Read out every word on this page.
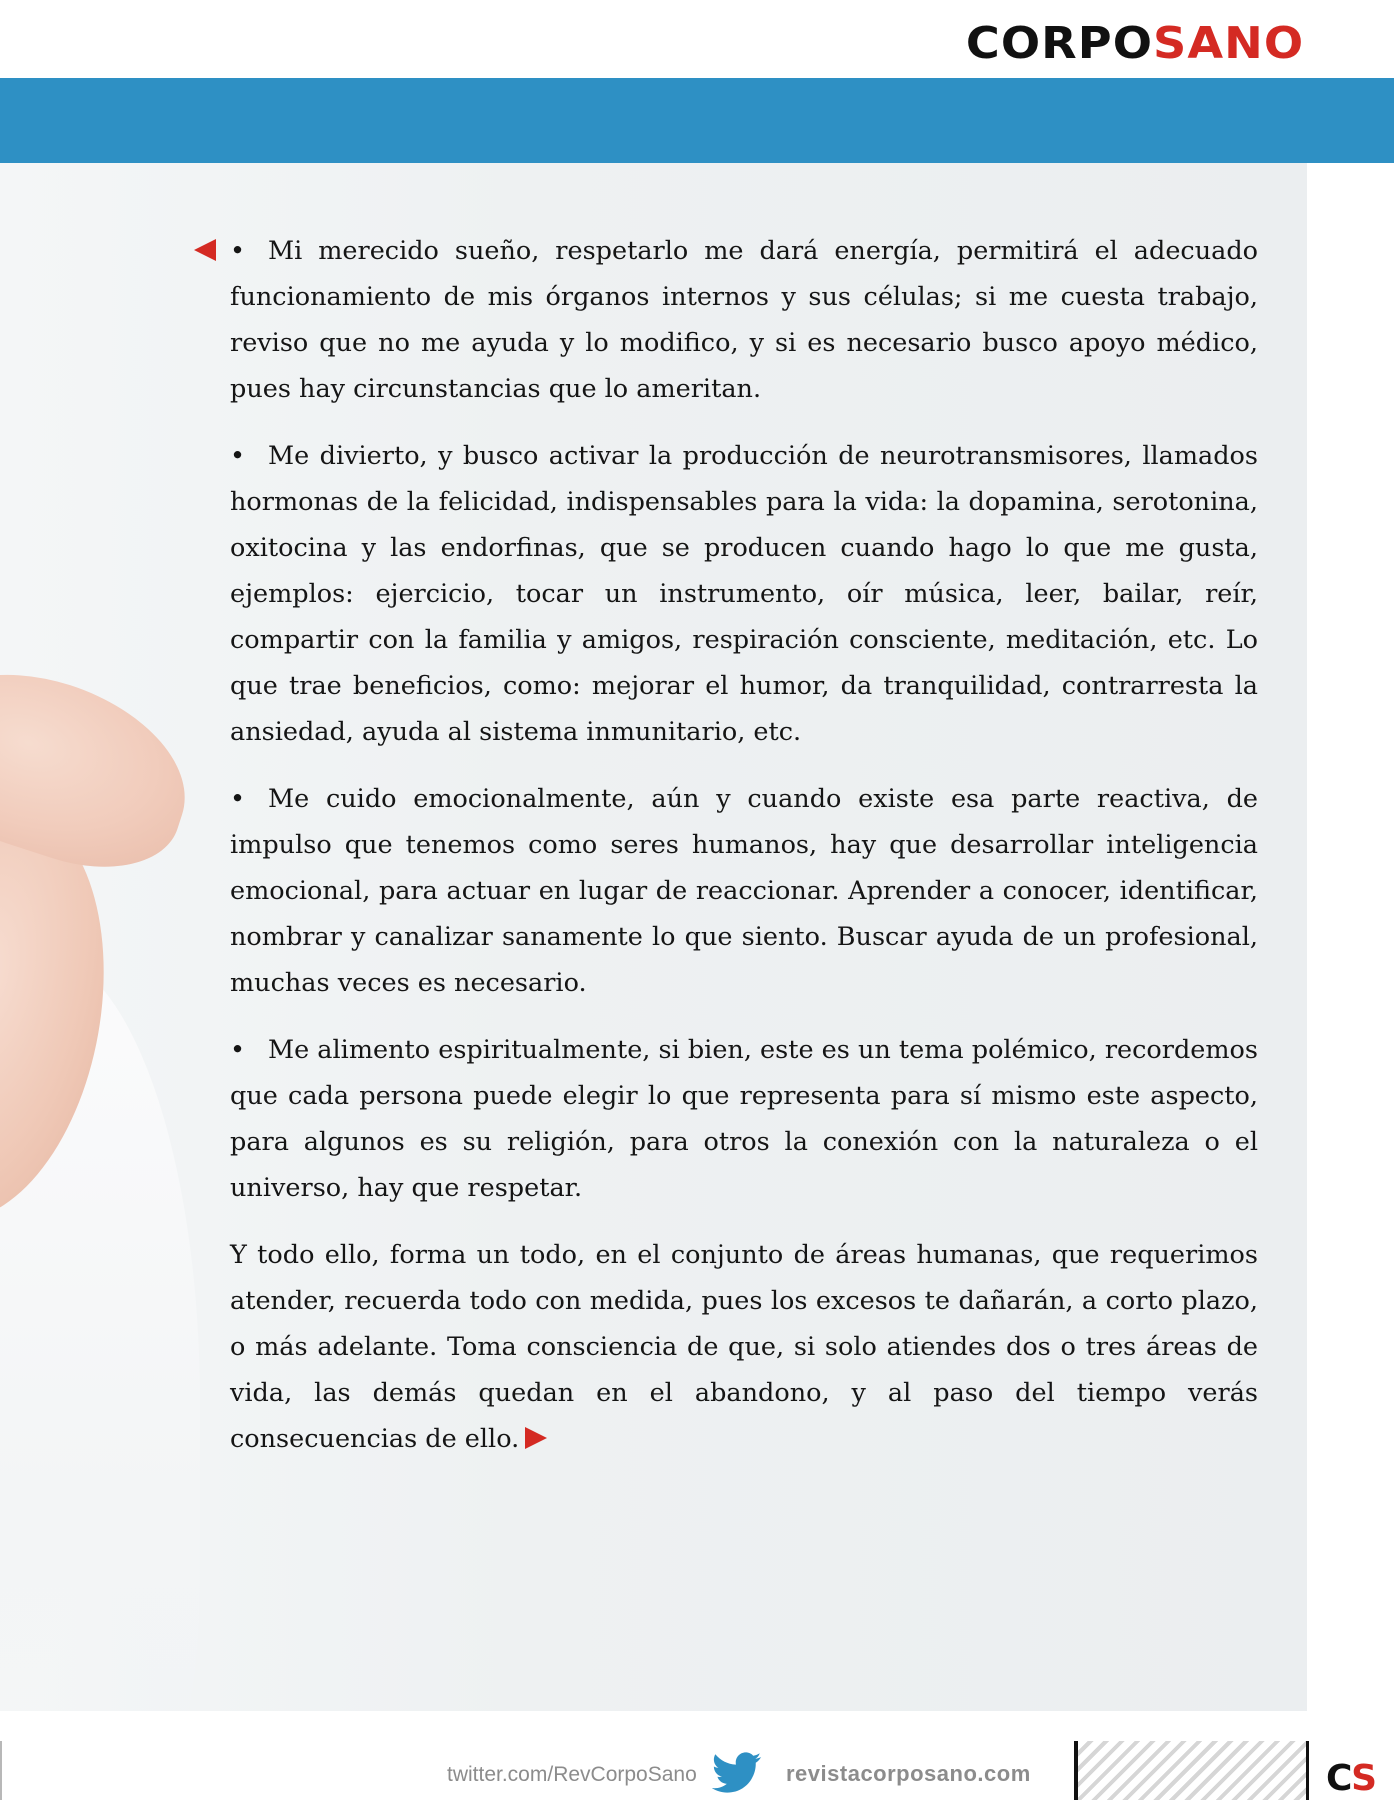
CORPOSANO

• Mi merecido sueño, respetarlo me dará energía, permitirá el adecuado funcionamiento de mis órganos internos y sus células; si me cuesta trabajo, reviso que no me ayuda y lo modifico, y si es necesario busco apoyo médico, pues hay circunstancias que lo ameritan.

• Me divierto, y busco activar la producción de neurotransmisores, llamados hormonas de la felicidad, indispensables para la vida: la dopamina, serotonina, oxitocina y las endorfinas, que se producen cuando hago lo que me gusta, ejemplos: ejercicio, tocar un instrumento, oír música, leer, bailar, reír, compartir con la familia y amigos, respiración consciente, meditación, etc. Lo que trae beneficios, como: mejorar el humor, da tranquilidad, contrarresta la ansiedad, ayuda al sistema inmunitario, etc.

• Me cuido emocionalmente, aún y cuando existe esa parte reactiva, de impulso que tenemos como seres humanos, hay que desarrollar inteligencia emocional, para actuar en lugar de reaccionar. Aprender a conocer, identificar, nombrar y canalizar sanamente lo que siento. Buscar ayuda de un profesional, muchas veces es necesario.

• Me alimento espiritualmente, si bien, este es un tema polémico, recordemos que cada persona puede elegir lo que representa para sí mismo este aspecto, para algunos es su religión, para otros la conexión con la naturaleza o el universo, hay que respetar.

Y todo ello, forma un todo, en el conjunto de áreas humanas, que requerimos atender, recuerda todo con medida, pues los excesos te dañarán, a corto plazo, o más adelante. Toma consciencia de que, si solo atiendes dos o tres áreas de vida, las demás quedan en el abandono, y al paso del tiempo verás consecuencias de ello.

twitter.com/RevCorpoSano	revistacorposano.com	CS
